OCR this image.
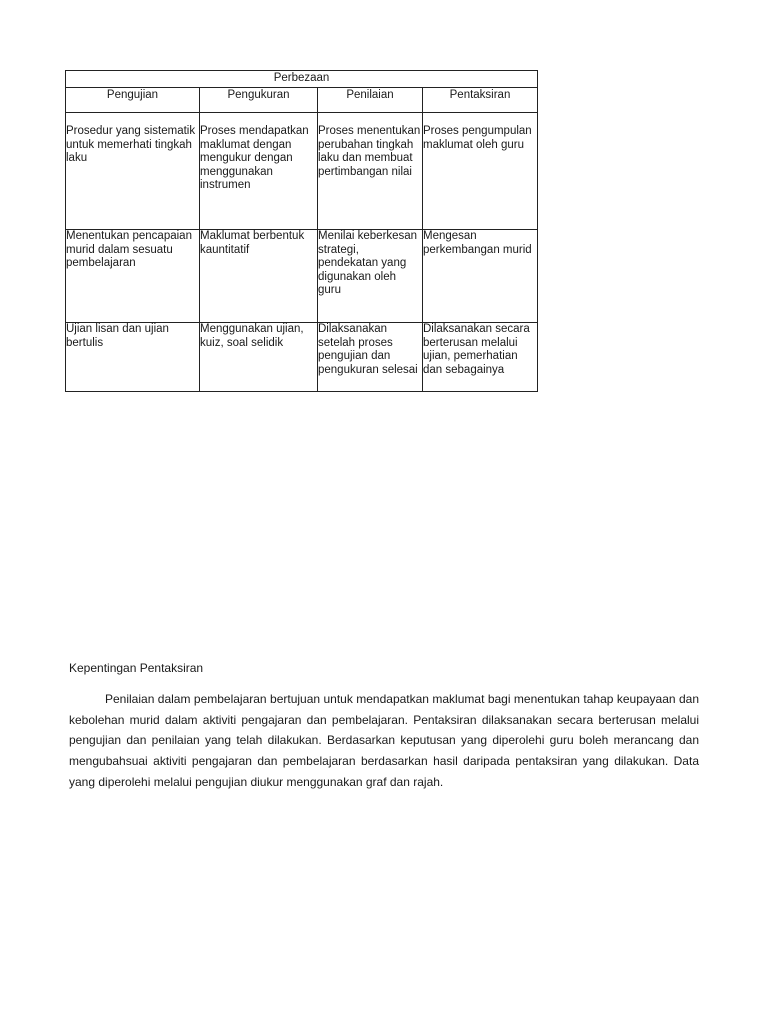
Perbezaan			
Pengujian	Pengukuran	Penilaian	Pentaksiran
Prosedur yang sistematik untuk memerhati tingkah laku	Proses mendapatkan maklumat dengan mengukur dengan menggunakan instrumen	Proses menentukan perubahan tingkah laku dan membuat pertimbangan nilai	Proses pengumpulan maklumat oleh guru
Menentukan pencapaian murid dalam sesuatu pembelajaran	Maklumat berbentuk kauntitatif	Menilai keberkesan strategi, pendekatan yang digunakan oleh guru	Mengesan perkembangan murid
Ujian lisan dan ujian bertulis	Menggunakan ujian, kuiz, soal selidik	Dilaksanakan setelah proses pengujian dan pengukuran selesai	Dilaksanakan secara berterusan melalui ujian, pemerhatian dan sebagainya

Kepentingan Pentaksiran

Penilaian dalam pembelajaran bertujuan untuk mendapatkan maklumat bagi menentukan tahap keupayaan dan kebolehan murid dalam aktiviti pengajaran dan pembelajaran. Pentaksiran dilaksanakan secara berterusan melalui pengujian dan penilaian yang telah dilakukan. Berdasarkan keputusan yang diperolehi guru boleh merancang dan mengubahsuai aktiviti pengajaran dan pembelajaran berdasarkan hasil daripada pentaksiran yang dilakukan. Data yang diperolehi melalui pengujian diukur menggunakan graf dan rajah.
